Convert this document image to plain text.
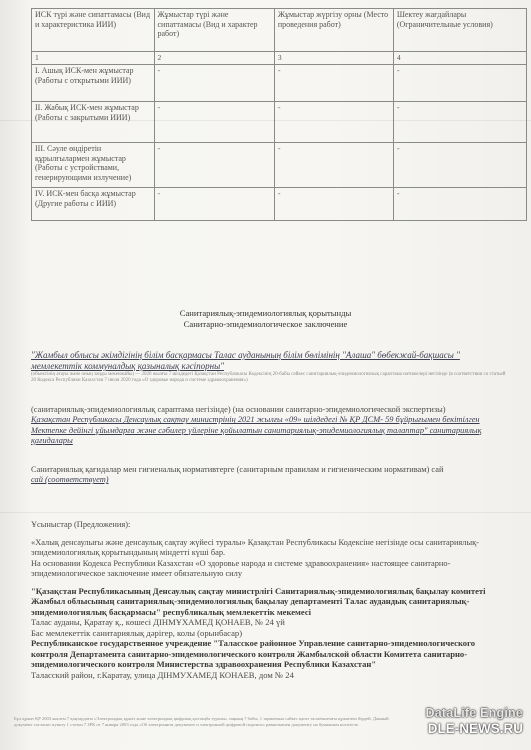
ИСК түрі және сипаттамасы (Вид и характеристика ИИИ)	Жұмыстар түрі және сипаттамасы (Вид и характер работ)	Жұмыстар жүргізу орны (Место проведения работ)	Шектеу жағдайлары (Ограничительные условия)
1	2	3	4
I. Ашық ИСК-мен жұмыстар (Работы с открытыми ИИИ)	-	-	-
II. Жабық ИСК-мен жұмыстар (Работы с закрытыми ИИИ)	-	-	-
III. Сәуле өндіретін құрылғылармен жұмыстар (Работы с устройствами, генерирующими излучение)	-	-	-
IV. ИСК-мен басқа жұмыстар (Другие работы с ИИИ)	-	-	-
Санитариялық-эпидемиологиялық қорытынды
Санитарно-эпидемиологическое заключение
"Жамбыл облысы әкімдігінің білім басқармасы Талас ауданының білім бөлімінің "Алаша" бөбекжай-бақшасы " мемлекеттік коммуналдық қазыналық кәсіпорны"
(объектінің атауы және оның заңды мекенжайы) — 2020 жылғы 7 шілдедегі Қазақстан Республикасы Кодексінің 20-бабы сәйкес санитариялық-эпидемиологиялық сараптама нәтижелері негізінде (в соответствии со статьей 20 Кодекса Республики Казахстан 7 июля 2020 года «О здоровье народа и системе здравоохранения»)
(санитариялық-эпидемиологиялық сараптама негізінде) (на основании санитарно-эпидемиологической экспертизы)
Қазақстан Республикасы Денсаулық сақтау министрінің 2021 жылғы «09» шілдедегі № ҚР ДСМ- 59 бұйрығымен бекітілген Мектепке дейінгі ұйымдарға және сәбилер үйлеріне қойылатын санитариялық-эпидемиологиялық талаптар" санитариялық қағидалары
Санитариялық қағидалар мен гигиеналық нормативтерге (санитарным правилам и гигиеническим нормативам) сай
сай (соответствует)
Ұсыныстар (Предложения):
«Халық денсаулығы және денсаулық сақтау жүйесі туралы» Қазақстан Республикасы Кодексіне негізінде осы санитариялық-эпидемиологиялық қорытындының міндетті күші бар.
На основании Кодекса Республики Казахстан «О здоровье народа и системе здравоохранения» настоящее санитарно-эпидемиологическое заключение имеет обязательную силу
"Қазақстан Республикасының Денсаулық сақтау министрлігі Санитариялық-эпидемиологиялық бақылау комитеті Жамбыл облысының санитариялық-эпидемиологиялық бақылау департаменті Талас аудандық санитариялық-эпидемиологиялық басқармасы" республикалық мемлекеттік мекемесі
Талас ауданы, Қаратау қ., көшесі ДІНМҰХАМЕД ҚОНАЕВ, № 24 үй
Бас мемлекеттік санитариялық дәрігер, колы (орынбасар)
Республиканское государственное учреждение "Таласское районное Управление санитарно-эпидемиологического контроля Департамента санитарно-эпидемиологического контроля Жамбылской области Комитета санитарно-эпидемиологического контроля Министерства здравоохранения Республики Казахстан"
Таласский район, г.Каратау, улица ДІНМУХАМЕД КОНАЕВ, дом № 24
Бұл құжат ҚР 2003 жылғы 7 қаңтардағы «Электрондық құжат және электрондық цифрлық қолтаңба туралы» заңның 7 бабы, 1 тармағына сәйкес қағаз тасығыштағы құжатпен бірдей. Данный документ согласно пункту 1 статьи 7 ЗРК от 7 января 2003 года «Об электронном документе и электронной цифровой подписи» равнозначен документу на бумажном носителе.
DataLife Engine
DLE-NEWS.RU
